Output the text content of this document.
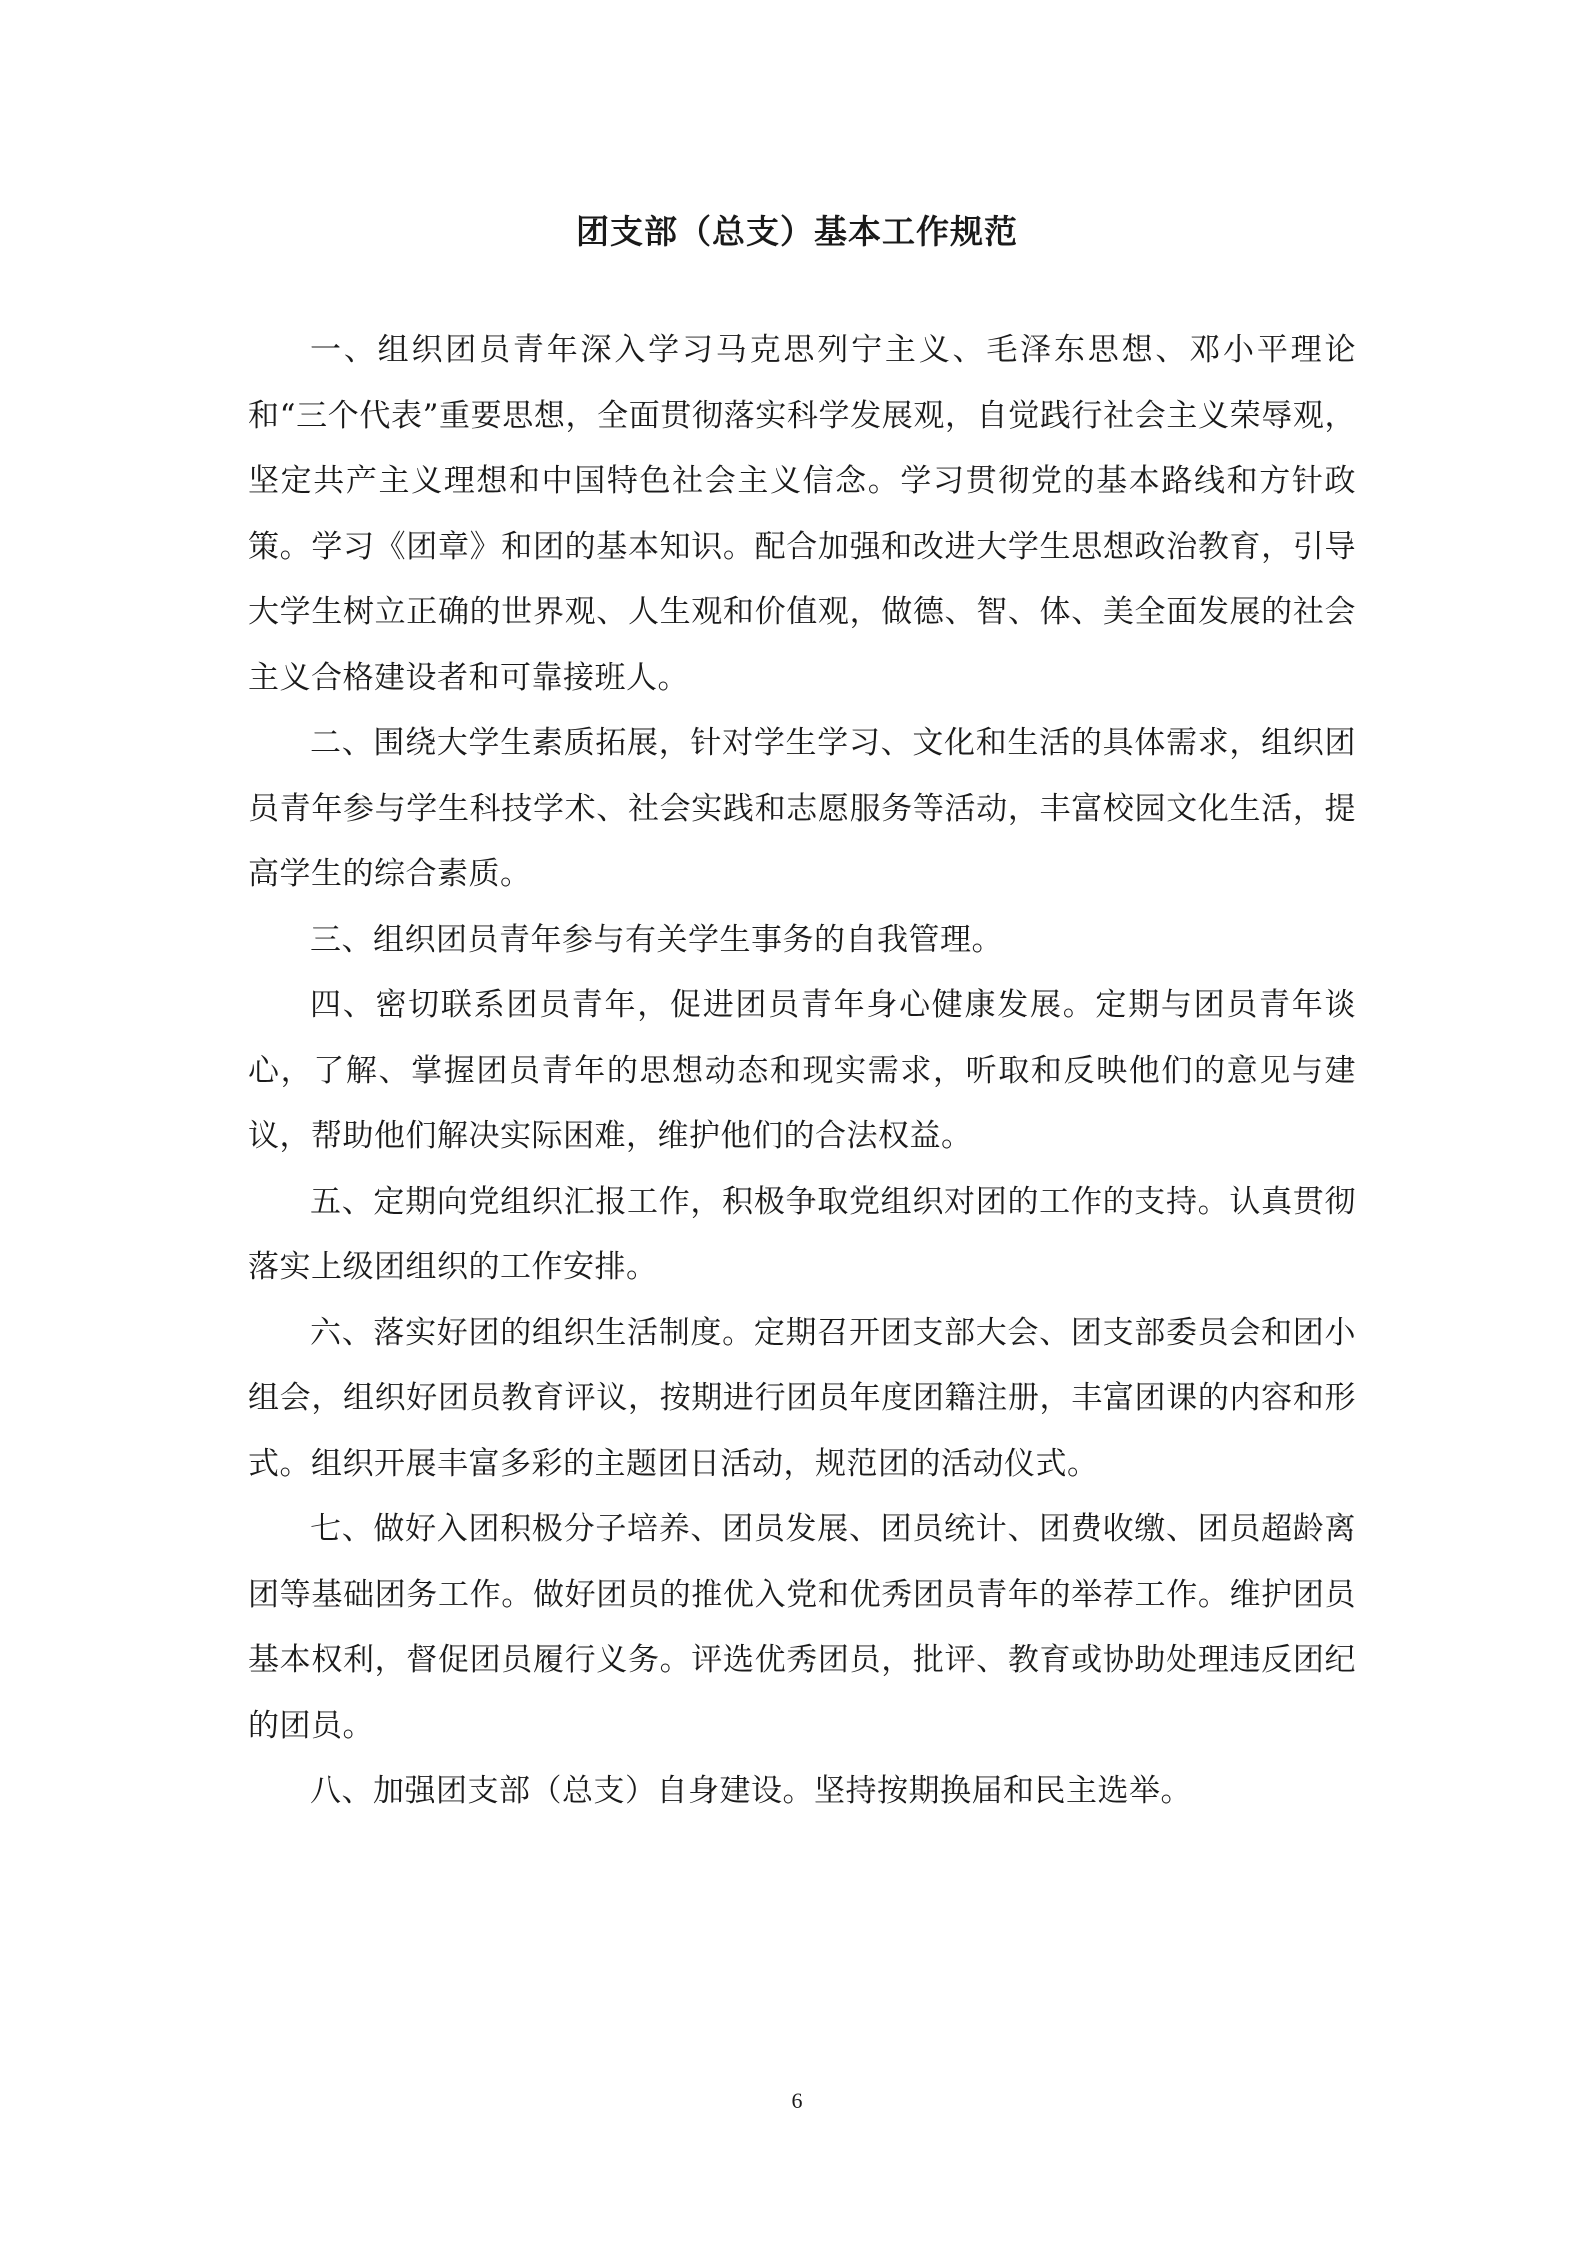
团支部（总支）基本工作规范

一、组织团员青年深入学习马克思列宁主义、毛泽东思想、邓小平理论和“三个代表”重要思想，全面贯彻落实科学发展观，自觉践行社会主义荣辱观，坚定共产主义理想和中国特色社会主义信念。学习贯彻党的基本路线和方针政策。学习《团章》和团的基本知识。配合加强和改进大学生思想政治教育，引导大学生树立正确的世界观、人生观和价值观，做德、智、体、美全面发展的社会主义合格建设者和可靠接班人。

二、围绕大学生素质拓展，针对学生学习、文化和生活的具体需求，组织团员青年参与学生科技学术、社会实践和志愿服务等活动，丰富校园文化生活，提高学生的综合素质。

三、组织团员青年参与有关学生事务的自我管理。

四、密切联系团员青年，促进团员青年身心健康发展。定期与团员青年谈心，了解、掌握团员青年的思想动态和现实需求，听取和反映他们的意见与建议，帮助他们解决实际困难，维护他们的合法权益。

五、定期向党组织汇报工作，积极争取党组织对团的工作的支持。认真贯彻落实上级团组织的工作安排。

六、落实好团的组织生活制度。定期召开团支部大会、团支部委员会和团小组会，组织好团员教育评议，按期进行团员年度团籍注册，丰富团课的内容和形式。组织开展丰富多彩的主题团日活动，规范团的活动仪式。

七、做好入团积极分子培养、团员发展、团员统计、团费收缴、团员超龄离团等基础团务工作。做好团员的推优入党和优秀团员青年的举荐工作。维护团员基本权利，督促团员履行义务。评选优秀团员，批评、教育或协助处理违反团纪的团员。

八、加强团支部（总支）自身建设。坚持按期换届和民主选举。

6
